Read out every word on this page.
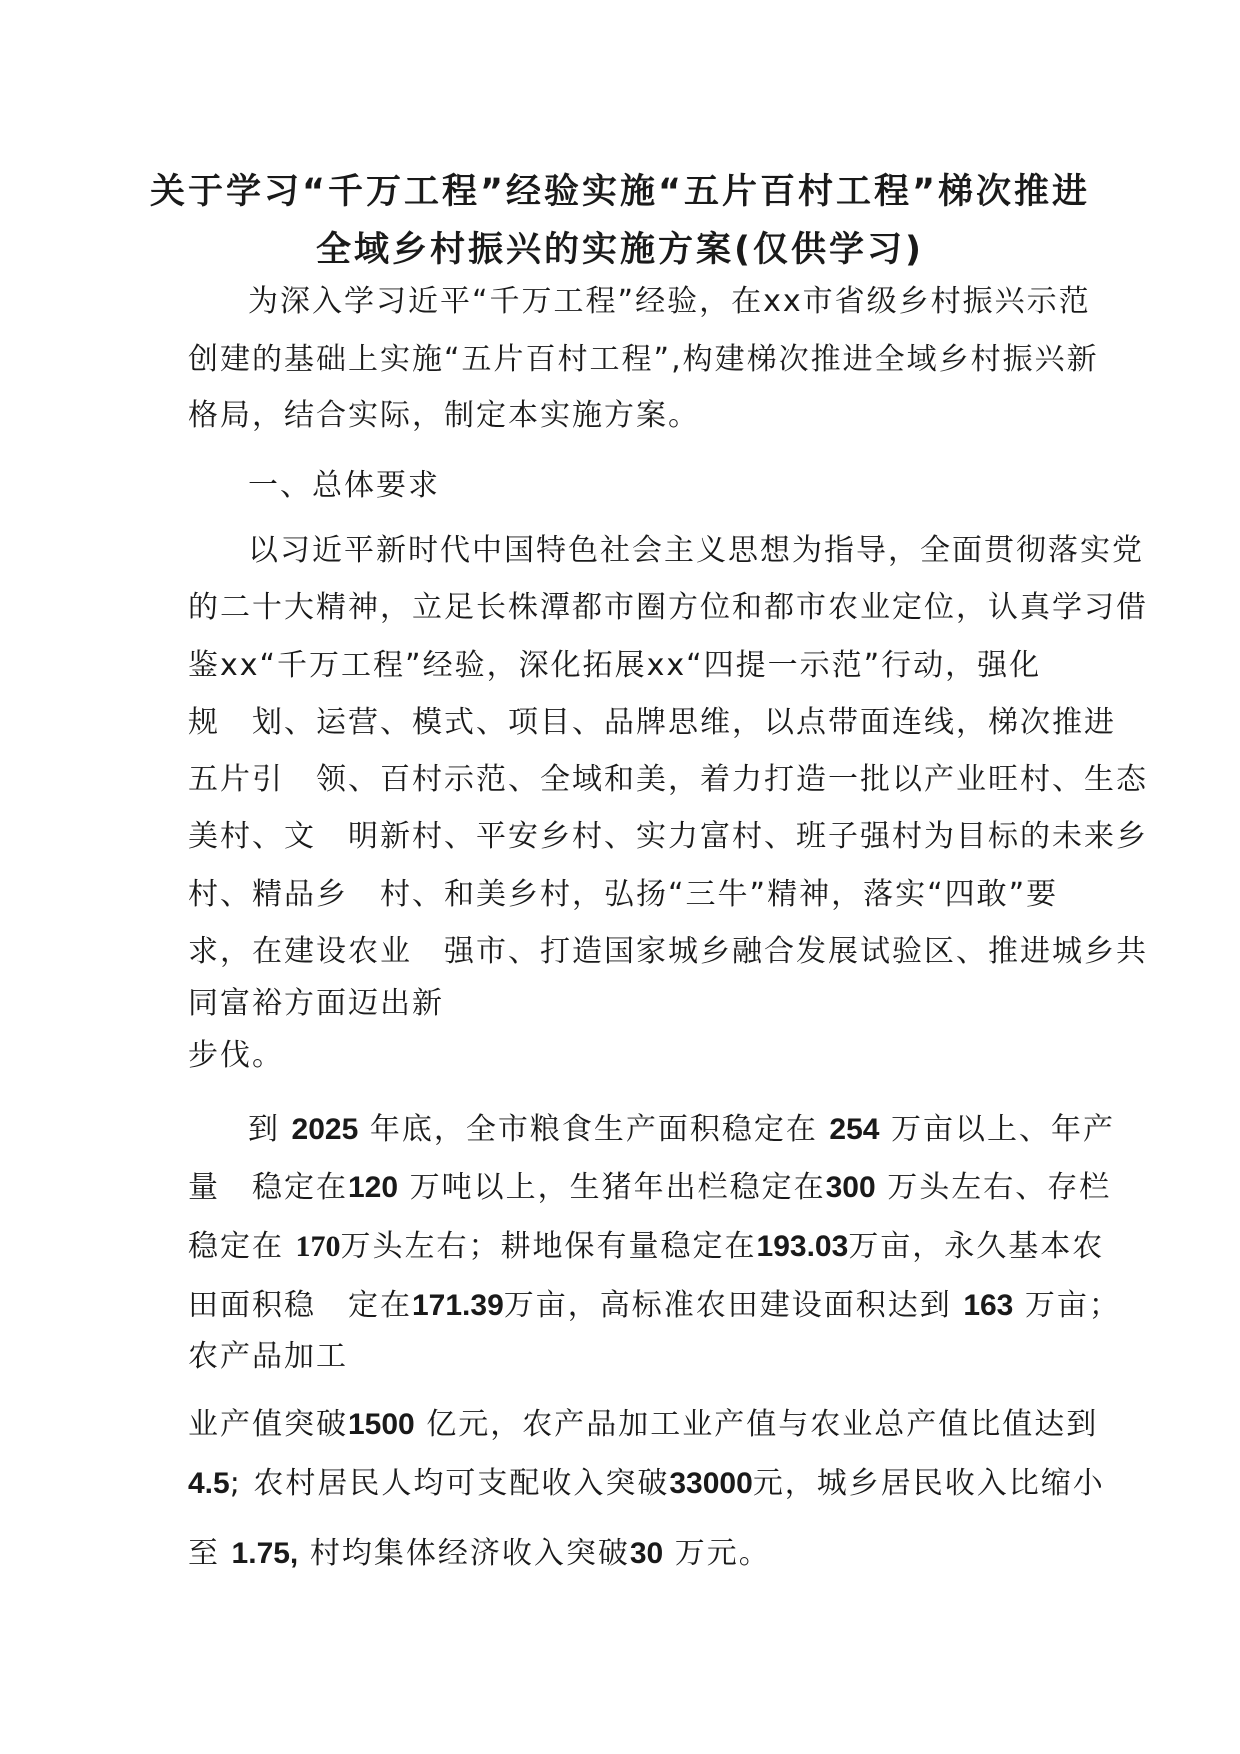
关于学习“千万工程”经验实施“五片百村工程”梯次推进
全域乡村振兴的实施方案(仅供学习)
为深入学习近平“千万工程”经验，在xx市省级乡村振兴示范
创建的基础上实施“五片百村工程”,构建梯次推进全域乡村振兴新
格局，结合实际，制定本实施方案。
一、总体要求
以习近平新时代中国特色社会主义思想为指导，全面贯彻落实党
的二十大精神，立足长株潭都市圈方位和都市农业定位，认真学习借
鉴xx“千万工程”经验，深化拓展xx“四提一示范”行动，强化
规　划、运营、模式、项目、品牌思维，以点带面连线，梯次推进
五片引　领、百村示范、全域和美，着力打造一批以产业旺村、生态
美村、文　明新村、平安乡村、实力富村、班子强村为目标的未来乡
村、精品乡　村、和美乡村，弘扬“三牛”精神，落实“四敢”要
求，在建设农业　强市、打造国家城乡融合发展试验区、推进城乡共
同富裕方面迈出新
步伐。
到 2025 年底，全市粮食生产面积稳定在 254 万亩以上、年产
量　稳定在120 万吨以上，生猪年出栏稳定在300 万头左右、存栏
稳定在 170万头左右；耕地保有量稳定在193.03万亩，永久基本农
田面积稳　定在171.39万亩，高标准农田建设面积达到 163 万亩；
农产品加工
业产值突破1500 亿元，农产品加工业产值与农业总产值比值达到
4.5; 农村居民人均可支配收入突破33000元，城乡居民收入比缩小
至 1.75, 村均集体经济收入突破30 万元。
